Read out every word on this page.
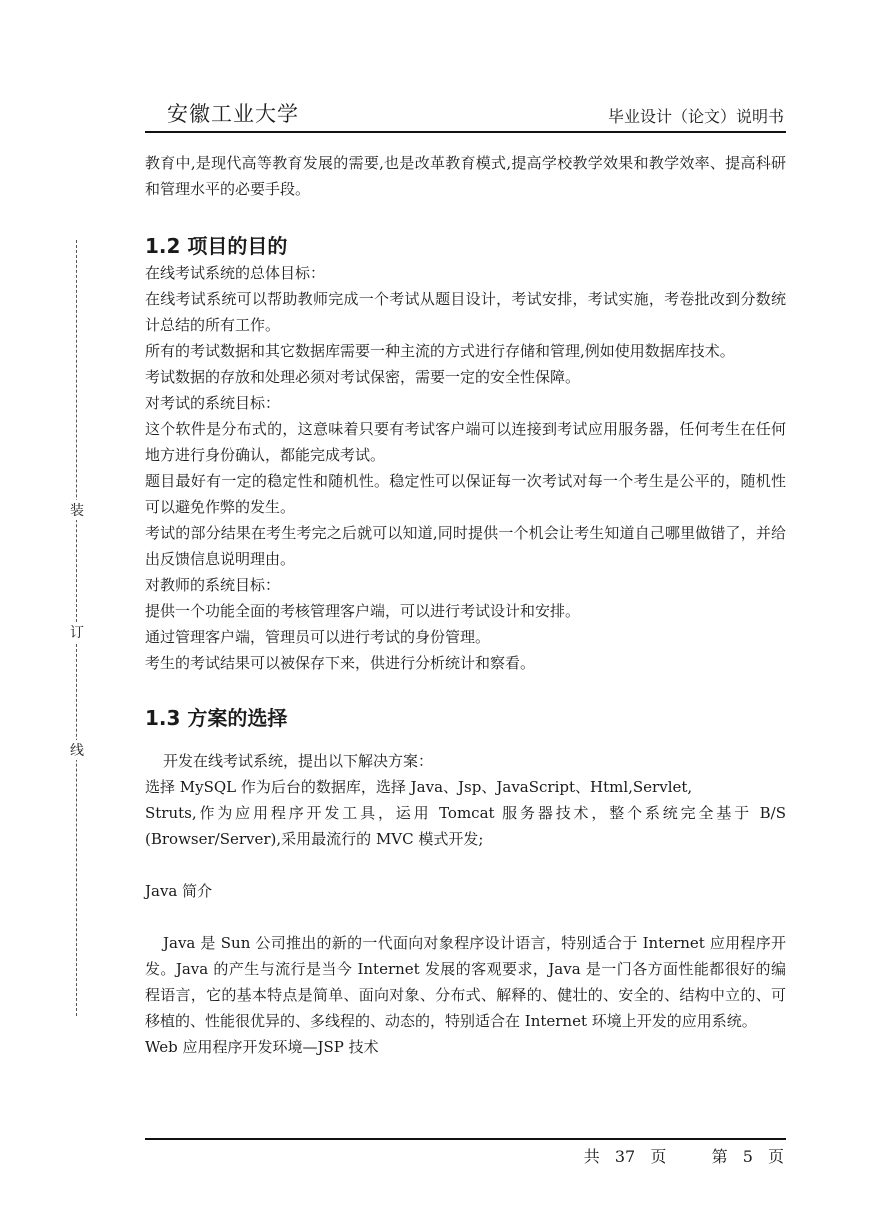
安徽工业大学	毕业设计（论文）说明书
装
订
线

教育中,是现代高等教育发展的需要,也是改革教育模式,提高学校教学效果和教学效率、提高科研和管理水平的必要手段。

1.2 项目的目的

在线考试系统的总体目标：

在线考试系统可以帮助教师完成一个考试从题目设计，考试安排，考试实施，考卷批改到分数统计总结的所有工作。

所有的考试数据和其它数据库需要一种主流的方式进行存储和管理,例如使用数据库技术。

考试数据的存放和处理必须对考试保密，需要一定的安全性保障。

对考试的系统目标：

这个软件是分布式的，这意味着只要有考试客户端可以连接到考试应用服务器，任何考生在任何地方进行身份确认，都能完成考试。

题目最好有一定的稳定性和随机性。稳定性可以保证每一次考试对每一个考生是公平的，随机性可以避免作弊的发生。

考试的部分结果在考生考完之后就可以知道,同时提供一个机会让考生知道自己哪里做错了，并给出反馈信息说明理由。

对教师的系统目标：

提供一个功能全面的考核管理客户端，可以进行考试设计和安排。

通过管理客户端，管理员可以进行考试的身份管理。

考生的考试结果可以被保存下来，供进行分析统计和察看。

1.3 方案的选择

开发在线考试系统，提出以下解决方案：

选择 MySQL 作为后台的数据库，选择 Java、Jsp、JavaScript、Html,Servlet,

Struts,作为应用程序开发工具，运用 Tomcat 服务器技术，整个系统完全基于 B/S (Browser/Server),采用最流行的 MVC 模式开发;

Java 简介

Java 是 Sun 公司推出的新的一代面向对象程序设计语言，特别适合于 Internet 应用程序开发。Java 的产生与流行是当今 Internet 发展的客观要求，Java 是一门各方面性能都很好的编程语言，它的基本特点是简单、面向对象、分布式、解释的、健壮的、安全的、结构中立的、可移植的、性能很优异的、多线程的、动态的，特别适合在 Internet 环境上开发的应用系统。

Web 应用程序开发环境—JSP 技术

共 37 页	第 5 页
